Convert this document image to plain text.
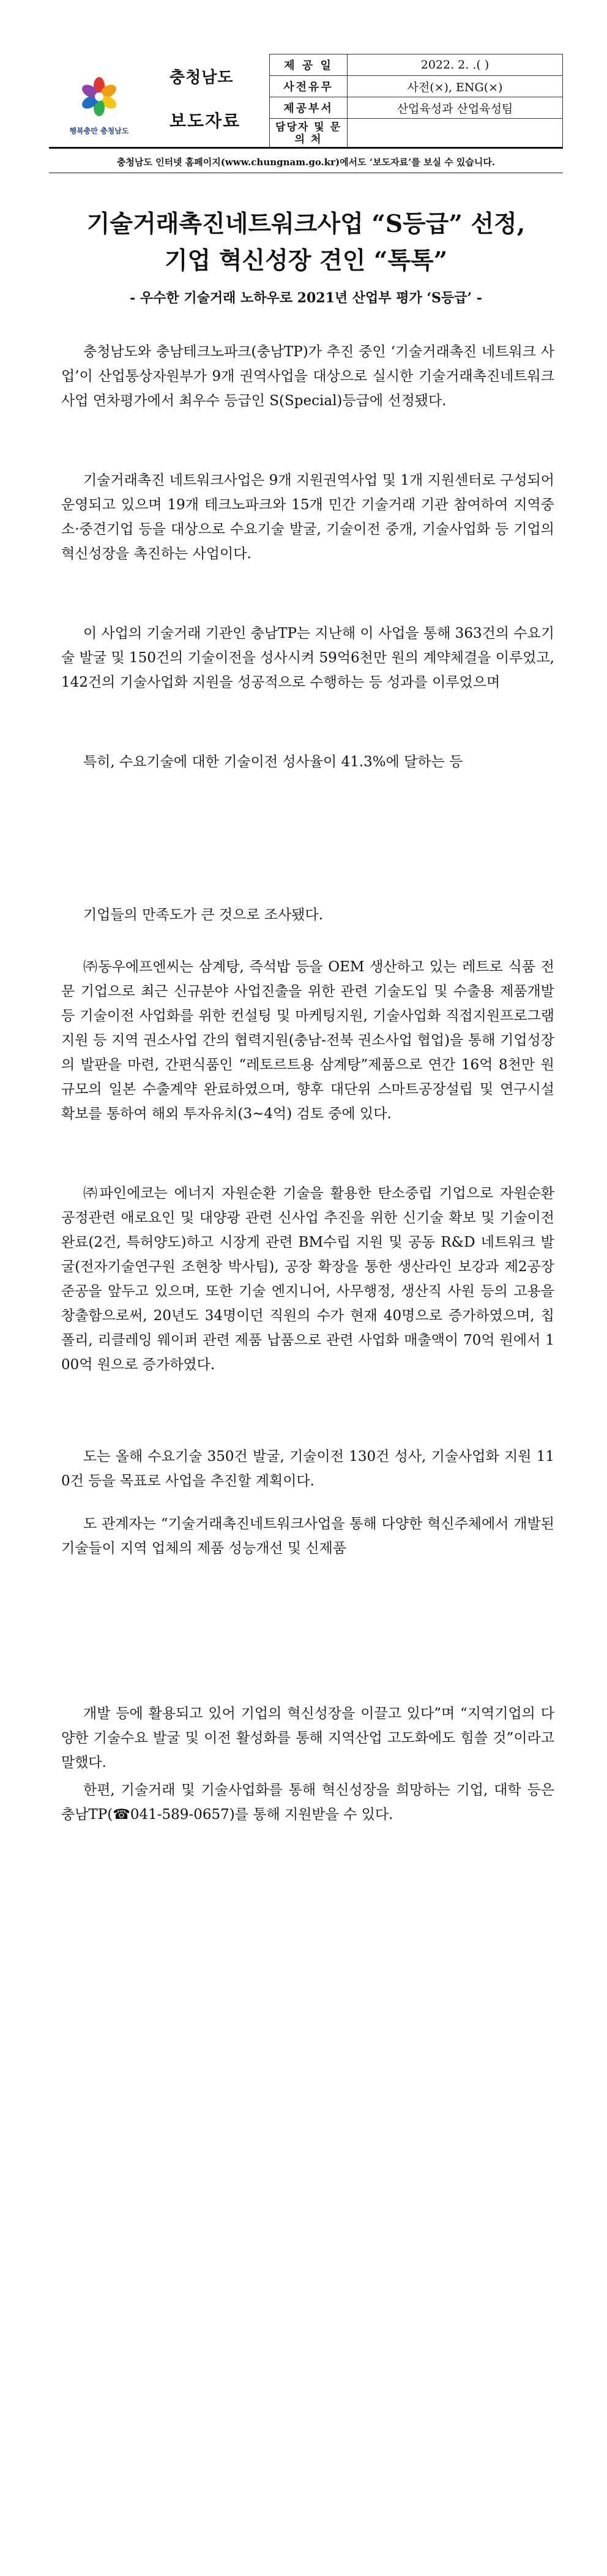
행복충만 충청남도
충청남도
보도자료
제 공 일	2022. 2. .( )
사전유무	사전(×), ENG(×)
제공부서	산업육성과 산업육성팀
담당자 및 문 의 처	
충청남도 인터넷 홈페이지(www.chungnam.go.kr)에서도 ‘보도자료’를 보실 수 있습니다.
기술거래촉진네트워크사업 “S등급” 선정,
기업 혁신성장 견인 “톡톡”
- 우수한 기술거래 노하우로 2021년 산업부 평가 ‘S등급’ -
충청남도와 충남테크노파크(충남TP)가 추진 중인 ‘기술거래촉진 네트워크 사업’이 산업통상자원부가 9개 권역사업을 대상으로 실시한 기술거래촉진네트워크사업 연차평가에서 최우수 등급인 S(Special)등급에 선정됐다.
기술거래촉진 네트워크사업은 9개 지원권역사업 및 1개 지원센터로 구성되어 운영되고 있으며 19개 테크노파크와 15개 민간 기술거래 기관 참여하여 지역중소·중견기업 등을 대상으로 수요기술 발굴, 기술이전 중개, 기술사업화 등 기업의 혁신성장을 촉진하는 사업이다.
이 사업의 기술거래 기관인 충남TP는 지난해 이 사업을 통해 363건의 수요기술 발굴 및 150건의 기술이전을 성사시켜 59억6천만 원의 계약체결을 이루었고, 142건의 기술사업화 지원을 성공적으로 수행하는 등 성과를 이루었으며
특히, 수요기술에 대한 기술이전 성사율이 41.3%에 달하는 등
기업들의 만족도가 큰 것으로 조사됐다.
㈜동우에프엔씨는 삼계탕, 즉석밥 등을 OEM 생산하고 있는 레트로 식품 전문 기업으로 최근 신규분야 사업진출을 위한 관련 기술도입 및 수출용 제품개발 등 기술이전 사업화를 위한 컨설팅 및 마케팅지원, 기술사업화 직접지원프로그램 지원 등 지역 권소사업 간의 협력지원(충남-전북 권소사업 협업)을 통해 기업성장의 발판을 마련, 간편식품인 “레토르트용 삼계탕”제품으로 연간 16억 8천만 원 규모의 일본 수출계약 완료하였으며, 향후 대단위 스마트공장설립 및 연구시설 확보를 통하여 해외 투자유치(3~4억) 검토 중에 있다.
㈜파인에코는 에너지 자원순환 기술을 활용한 탄소중립 기업으로 자원순환 공정관련 애로요인 및 대양광 관련 신사업 추진을 위한 신기술 확보 및 기술이전 완료(2건, 특허양도)하고 시장게 관련 BM수립 지원 및 공동 R&D 네트워크 발굴(전자기술연구원 조현창 박사팀), 공장 확장을 통한 생산라인 보강과 제2공장 준공을 앞두고 있으며, 또한 기술 엔지니어, 사무행정, 생산직 사원 등의 고용을 창출함으로써, 20년도 34명이던 직원의 수가 현재 40명으로 증가하였으며, 칩 폴리, 리클레잉 웨이퍼 관련 제품 납품으로 관련 사업화 매출액이 70억 원에서 100억 원으로 증가하였다.
도는 올해 수요기술 350건 발굴, 기술이전 130건 성사, 기술사업화 지원 110건 등을 목표로 사업을 추진할 계획이다.
도 관계자는 “기술거래촉진네트워크사업을 통해 다양한 혁신주체에서 개발된 기술들이 지역 업체의 제품 성능개선 및 신제품
개발 등에 활용되고 있어 기업의 혁신성장을 이끌고 있다”며 “지역기업의 다양한 기술수요 발굴 및 이전 활성화를 통해 지역산업 고도화에도 힘쓸 것”이라고 말했다.
한편, 기술거래 및 기술사업화를 통해 혁신성장을 희망하는 기업, 대학 등은 충남TP(☎041-589-0657)를 통해 지원받을 수 있다.
